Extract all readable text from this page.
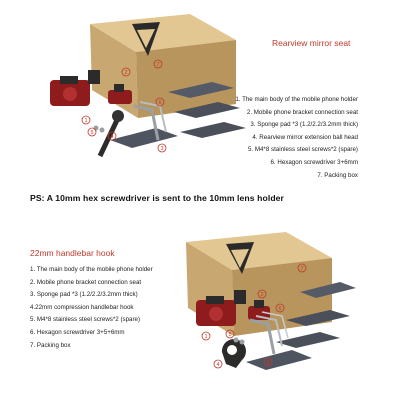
1
2
3
4
5
6
7
Rearview mirror seat
1. The main body of the mobile phone holder
2. Mobile phone bracket connection seat
3. Sponge pad *3 (1.2/2.2/3.2mm thick)
4. Rearview mirror extension ball head
5. M4*8 stainless steel screws*2 (spare)
6. Hexagon screwdriver 3+6mm
7. Packing box
PS: A 10mm hex screwdriver is sent to the 10mm lens holder
1
2
3
4
5
6
7
22mm handlebar hook
1. The main body of the mobile phone holder
2. Mobile phone bracket connection seat
3. Sponge pad *3 (1.2/2.2/3.2mm thick)
4.22mm compression handlebar hook
5. M4*8 stainless steel screws*2 (spare)
6. Hexagon screwdriver 3+5+6mm
7. Packing box
